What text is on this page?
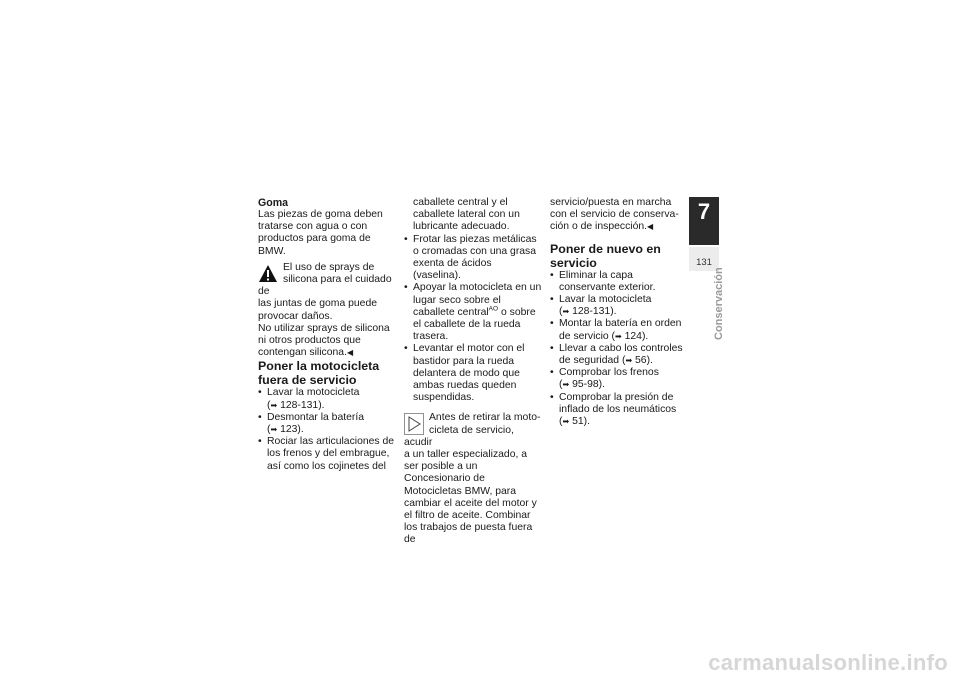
Goma

Las piezas de goma deben tratarse con agua o con productos para goma de BMW.

El uso de sprays de silicona para el cuidado de

las juntas de goma puede provocar daños.

No utilizar sprays de silicona ni otros productos que contengan silicona.◀

Poner la motocicleta fuera de servicio

• Lavar la motocicleta
(➡ 128-131).
• Desmontar la batería
(➡ 123).
• Rociar las articulaciones de los frenos y del embrague, así como los cojinetes del

caballete central y el caballete lateral con un lubricante adecuado.

• Frotar las piezas metálicas o cromadas con una grasa exenta de ácidos (vaselina).
• Apoyar la motocicleta en un lugar seco sobre el caballete central$^{AO}$ o sobre el caballete de la rueda trasera.
• Levantar el motor con el bastidor para la rueda delantera de modo que ambas ruedas queden suspendidas.

Antes de retirar la moto-cicleta de servicio, acudir

a un taller especializado, a ser posible a un Concesionario de Motocicletas BMW, para cambiar el aceite del motor y el filtro de aceite. Combinar los trabajos de puesta fuera de

servicio/puesta en marcha con el servicio de conserva-ción o de inspección.◀

Poner de nuevo en servicio

• Eliminar la capa conservante exterior.
• Lavar la motocicleta
(➡ 128-131).
• Montar la batería en orden de servicio (➡ 124).
• Llevar a cabo los controles de seguridad (➡ 56).
• Comprobar los frenos
(➡ 95-98).
• Comprobar la presión de inflado de los neumáticos
(➡ 51).
7
131
Conservación
carmanualsonline.info
